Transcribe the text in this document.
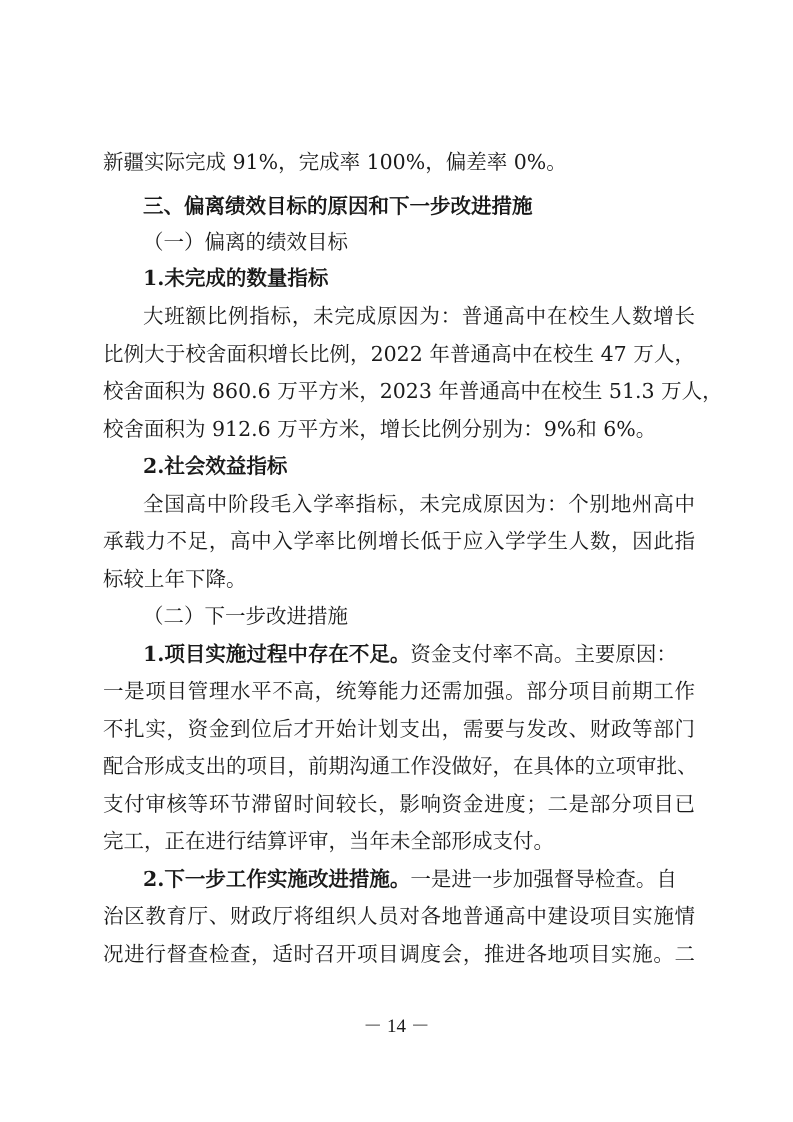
新疆实际完成 91%，完成率 100%，偏差率 0%。
三、偏离绩效目标的原因和下一步改进措施
（一）偏离的绩效目标
1.未完成的数量指标
大班额比例指标，未完成原因为：普通高中在校生人数增长
比例大于校舍面积增长比例，2022 年普通高中在校生 47 万人，
校舍面积为 860.6 万平方米，2023 年普通高中在校生 51.3 万人，
校舍面积为 912.6 万平方米，增长比例分别为：9%和 6%。
2.社会效益指标
全国高中阶段毛入学率指标，未完成原因为：个别地州高中
承载力不足，高中入学率比例增长低于应入学学生人数，因此指
标较上年下降。
（二）下一步改进措施
1.项目实施过程中存在不足。资金支付率不高。主要原因：
一是项目管理水平不高，统筹能力还需加强。部分项目前期工作
不扎实，资金到位后才开始计划支出，需要与发改、财政等部门
配合形成支出的项目，前期沟通工作没做好，在具体的立项审批、
支付审核等环节滞留时间较长，影响资金进度；二是部分项目已
完工，正在进行结算评审，当年未全部形成支付。
2.下一步工作实施改进措施。一是进一步加强督导检查。自
治区教育厅、财政厅将组织人员对各地普通高中建设项目实施情
况进行督查检查，适时召开项目调度会，推进各地项目实施。二
－ 14 －
